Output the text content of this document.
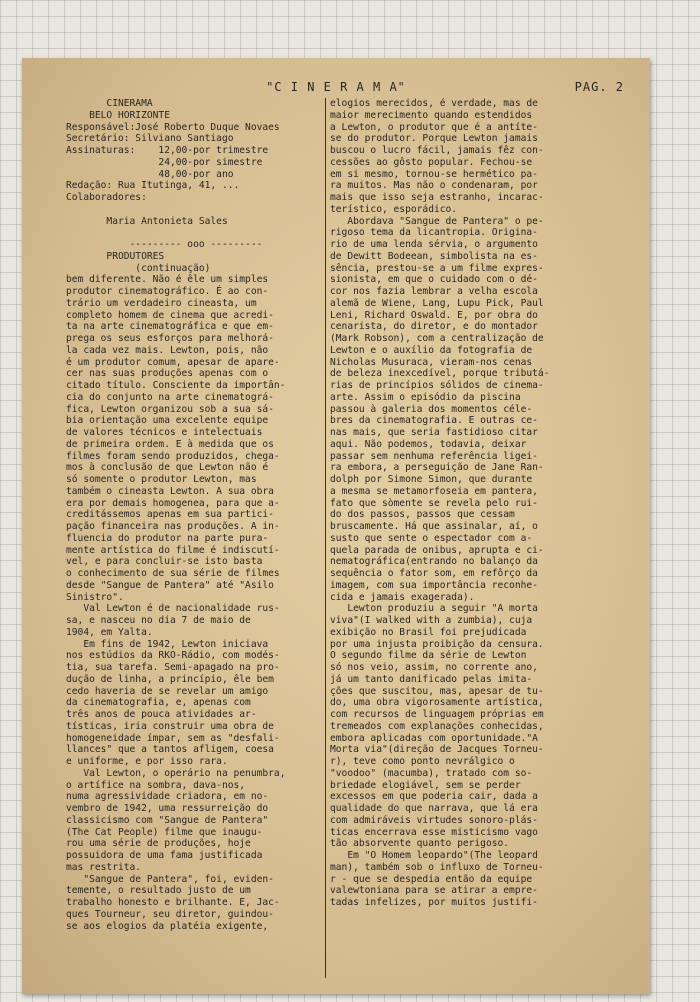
"C I N E R A M A"	PAG. 2
CINERAMA
BELO HORIZONTE
Responsável:José Roberto Duque Novaes
Secretário: Silviano Santiago
Assinaturas:    12,00-por trimestre
24,00-por simestre
48,00-por ano
Redação: Rua Itutinga, 41, ...
Colaboradores:
Maria Antonieta Sales
--------- ooo ---------
PRODUTORES
(continuação)
bem diferente. Não é êle um simples
produtor cinematográfico. É ao con-
trário um verdadeiro cineasta, um
completo homem de cinema que acredi-
ta na arte cinematográfica e que em-
prega os seus esforços para melhorá-
la cada vez mais. Lewton, pois, não
é um produtor comum, apesar de apare-
cer nas suas produções apenas com o
citado título. Consciente da importân-
cia do conjunto na arte cinematográ-
fica, Lewton organizou sob a sua sá-
bia orientação uma excelente equipe
de valores técnicos e intelectuais
de primeira ordem. E à medida que os
filmes foram sendo produzidos, chega-
mos à conclusão de que Lewton não é
só somente o produtor Lewton, mas
também o cineasta Lewton. A sua obra
era por demais homogenea, para que a-
creditássemos apenas em sua partici-
pação financeira nas produções. A in-
fluencia do produtor na parte pura-
mente artística do filme é indiscutí-
vel, e para concluir-se isto basta
o conhecimento de sua série de filmes
desde "Sangue de Pantera" até "Asilo
Sinistro".
Val Lewton é de nacionalidade rus-
sa, e nasceu no dia 7 de maio de
1904, em Yalta.
Em fins de 1942, Lewton iniciava
nos estúdios da RKO-Rádio, com modés-
tia, sua tarefa. Semi-apagado na pro-
dução de linha, a princípio, êle bem
cedo haveria de se revelar um amigo
da cinematografia, e, apenas com
três anos de pouca atividades ar-
tísticas, iria construir uma obra de
homogeneidade ímpar, sem as "desfali-
llances" que a tantos afligem, coesa
e uniforme, e por isso rara.
Val Lewton, o operário na penumbra,
o artífice na sombra, dava-nos,
numa agressividade criadora, em no-
vembro de 1942, uma ressurreição do
classicismo com "Sangue de Pantera"
(The Cat People) filme que inaugu-
rou uma série de produções, hoje
possuidora de uma fama justificada
mas restrita.
"Sangue de Pantera", foi, eviden-
temente, o resultado justo de um
trabalho honesto e brilhante. E, Jac-
ques Tourneur, seu diretor, guindou-
se aos elogios da platéia exigente,
elogios merecidos, é verdade, mas de
maior merecimento quando estendidos
a Lewton, o produtor que é a antíte-
se do produtor. Porque Lewton jamais
buscou o lucro fácil, jamais fêz con-
cessões ao gôsto popular. Fechou-se
em si mesmo, tornou-se hermético pa-
ra muitos. Mas não o condenaram, por
mais que isso seja estranho, incarac-
terístico, esporádico.
Abordava "Sangue de Pantera" o pe-
rigoso tema da licantropia. Origina-
rio de uma lenda sérvia, o argumento
de Dewitt Bodeean, simbolista na es-
sência, prestou-se a um filme expres-
sionista, em que o cuidado com o dé-
cor nos fazia lembrar a velha escola
alemã de Wiene, Lang, Lupu Pick, Paul
Leni, Richard Oswald. E, por obra do
cenarista, do diretor, e do montador
(Mark Robson), com a centralização de
Lewton e o auxílio da fotografia de
Nicholas Musuraca, vieram-nos cenas
de beleza inexcedível, porque tributá-
rias de princípios sólidos de cinema-
arte. Assim o episódio da piscina
passou à galeria dos momentos céle-
bres da cinematografia. E outras ce-
nas mais, que seria fastidioso citar
aqui. Não podemos, todavia, deixar
passar sem nenhuma referência ligei-
ra embora, a perseguição de Jane Ran-
dolph por Simone Simon, que durante
a mesma se metamorfoseia em pantera,
fato que sòmente se revela pelo rui-
do dos passos, passos que cessam
bruscamente. Há que assinalar, aí, o
susto que sente o espectador com a-
quela parada de onibus, aprupta e ci-
nematográfica(entrando no balanço da
sequência o fator som, em refôrço da
imagem, com sua importância reconhe-
cida e jamais exagerada).
Lewton produziu a seguir "A morta
viva"(I walked with a zumbia), cuja
exibição no Brasil foi prejudicada
por uma injusta proibição da censura.
O segundo filme da série de Lewton
só nos veio, assim, no corrente ano,
já um tanto danificado pelas imita-
ções que suscitou, mas, apesar de tu-
do, uma obra vigorosamente artística,
com recursos de linguagem próprias em
tremeados com explanações conhecidas,
embora aplicadas com oportunidade."A
Morta via"(direção de Jacques Torneu-
r), teve como ponto nevrálgico o
"voodoo" (macumba), tratado com so-
briedade elogiável, sem se perder
excessos em que poderia cair, dada a
qualidade do que narrava, que lá era
com admiráveis virtudes sonoro-plás-
ticas encerrava esse misticismo vago
tão absorvente quanto perigoso.
Em "O Homem leopardo"(The leopard
man), também sob o influxo de Torneu-
r - que se despedia então da equipe
valewtoniana para se atirar a empre-
tadas infelizes, por muitos justifi-
